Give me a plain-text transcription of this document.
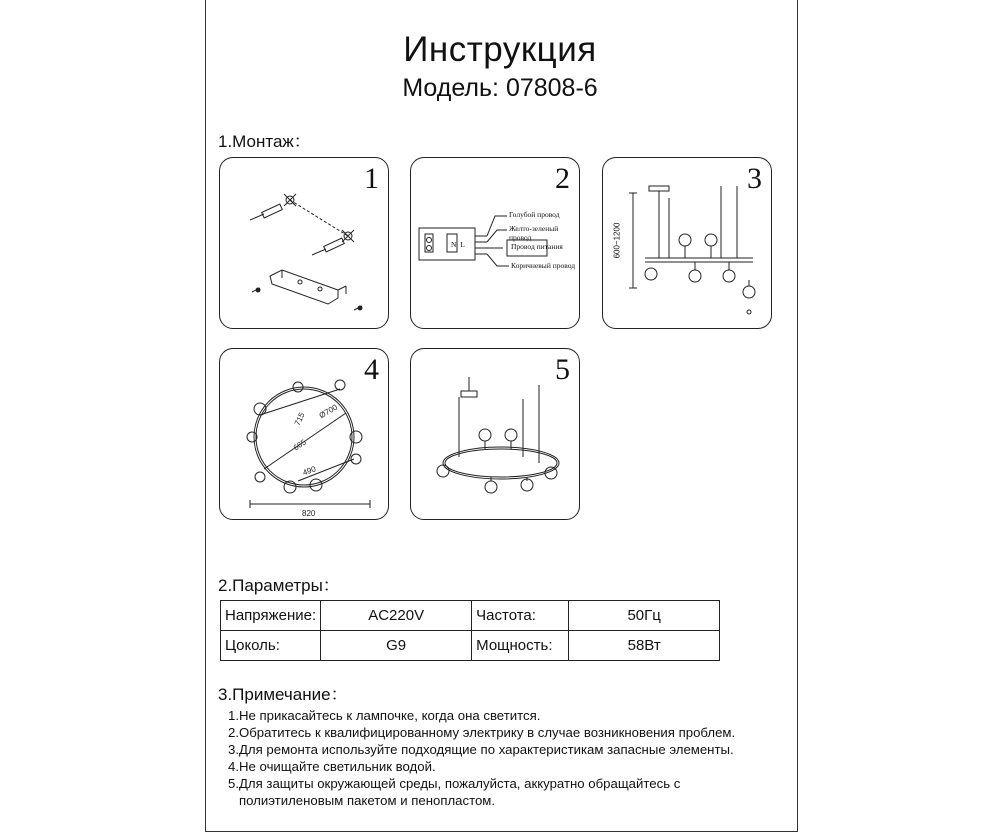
Инструкция
Модель: 07808-6
1.Монтаж：
1	2
Голубой провод
Желто-зеленый провод
Провод питания
Коричневый провод
N L
3
600~1200
4
715 Ø700
665
490
820
5
2.Параметры：
Напряжение:	AC220V	Частота:	50Гц
Цоколь:	G9	Мощность:	58Вт
3.Примечание：
1.Не прикасайтесь к лампочке, когда она светится.
2.Обратитесь к квалифицированному электрику в случае возникновения проблем.
3.Для ремонта используйте подходящие по характеристикам запасные элементы.
4.Не очищайте светильник водой.
5.Для защиты окружающей среды, пожалуйста, аккуратно обращайтесь с
полиэтиленовым пакетом и пенопластом.
